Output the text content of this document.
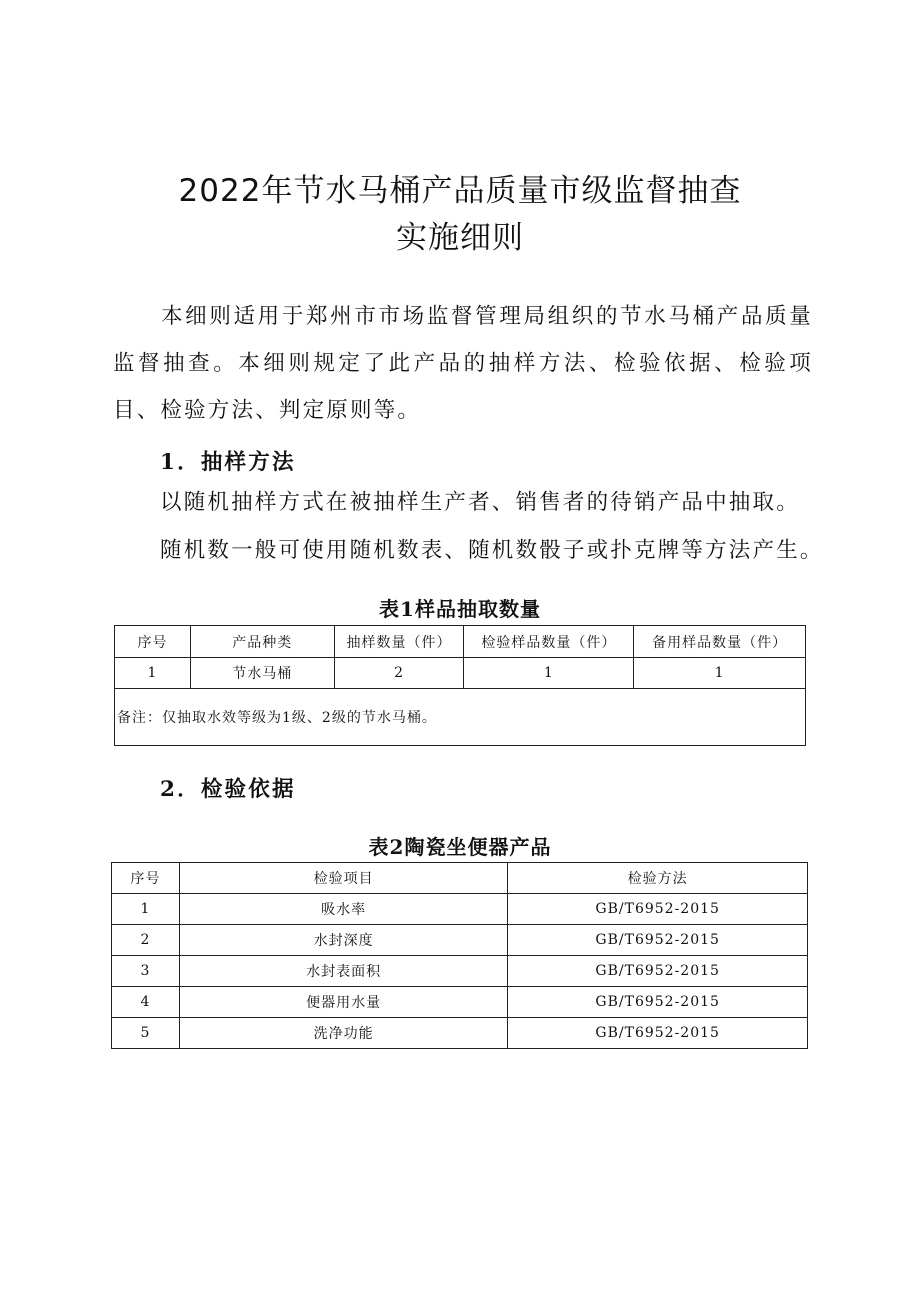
2022年节水马桶产品质量市级监督抽查
实施细则

本细则适用于郑州市市场监督管理局组织的节水马桶产品质量监督抽查。本细则规定了此产品的抽样方法、检验依据、检验项目、检验方法、判定原则等。

1．抽样方法

以随机抽样方式在被抽样生产者、销售者的待销产品中抽取。

随机数一般可使用随机数表、随机数骰子或扑克牌等方法产生。

表1样品抽取数量

序号	产品种类	抽样数量（件）	检验样品数量（件）	备用样品数量（件）
1	节水马桶	2	1	1
备注：仅抽取水效等级为1级、2级的节水马桶。				

2．检验依据

表2陶瓷坐便器产品

序号	检验项目	检验方法
1	吸水率	GB/T6952-2015
2	水封深度	GB/T6952-2015
3	水封表面积	GB/T6952-2015
4	便器用水量	GB/T6952-2015
5	洗净功能	GB/T6952-2015
